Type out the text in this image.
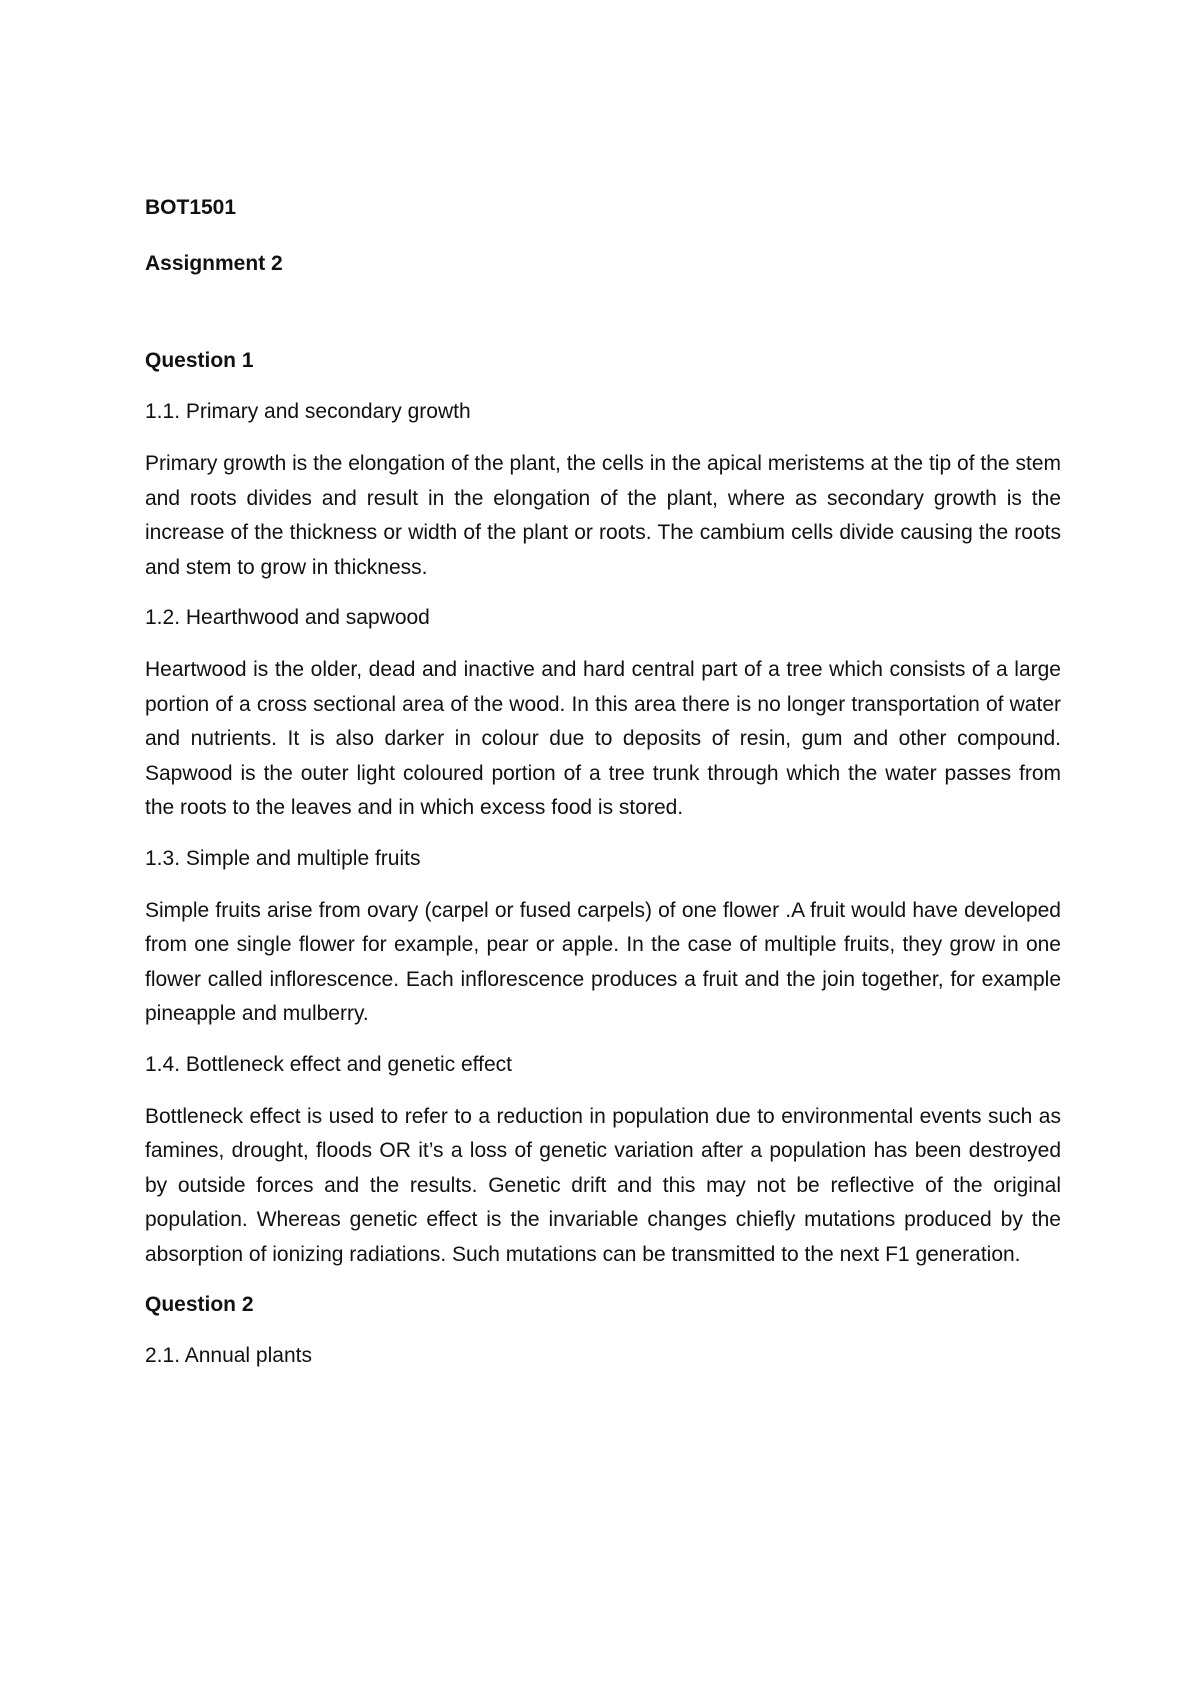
BOT1501

Assignment 2

Question 1

1.1. Primary and secondary growth

Primary growth is the elongation of the plant, the cells in the apical meristems at the tip of the stem and roots divides and result in the elongation of the plant, where as secondary growth is the increase of the thickness or width of the plant or roots. The cambium cells divide causing the roots and stem to grow in thickness.

1.2. Hearthwood and sapwood

Heartwood is the older, dead and inactive and hard central part of a tree which consists of a large portion of a cross sectional area of the wood. In this area there is no longer transportation of water and nutrients. It is also darker in colour due to deposits of resin, gum and other compound. Sapwood is the outer light coloured portion of a tree trunk through which the water passes from the roots to the leaves and in which excess food is stored.

1.3. Simple and multiple fruits

Simple fruits arise from ovary (carpel or fused carpels) of one flower .A fruit would have developed from one single flower for example, pear or apple. In the case of multiple fruits, they grow in one flower called inflorescence. Each inflorescence produces a fruit and the join together, for example pineapple and mulberry.

1.4. Bottleneck effect and genetic effect

Bottleneck effect is used to refer to a reduction in population due to environmental events such as famines, drought, floods OR it’s a loss of genetic variation after a population has been destroyed by outside forces and the results. Genetic drift and this may not be reflective of the original population. Whereas genetic effect is the invariable changes chiefly mutations produced by the absorption of ionizing radiations. Such mutations can be transmitted to the next F1 generation.

Question 2

2.1. Annual plants
